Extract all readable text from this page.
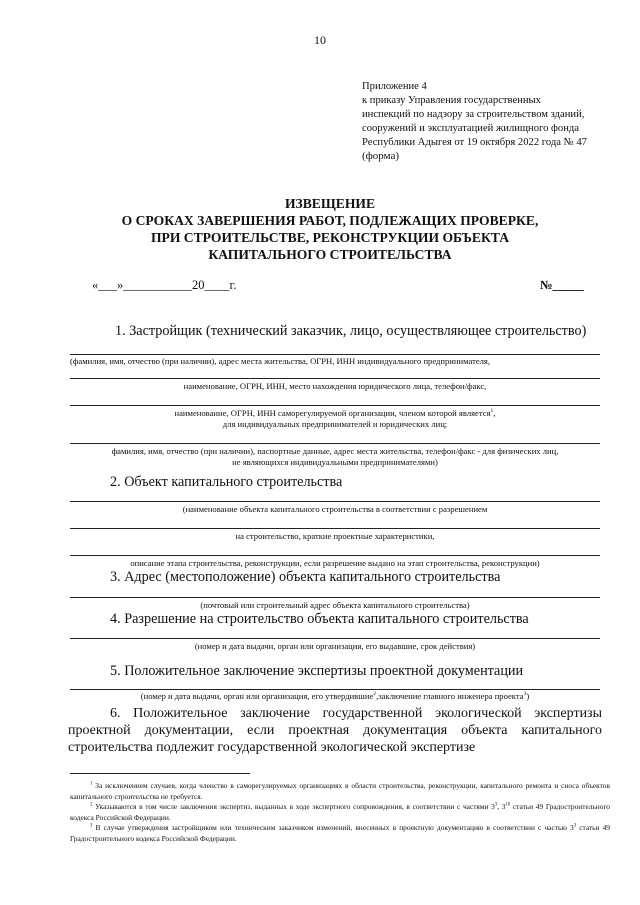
10
Приложение 4
к приказу Управления государственных
инспекций по надзору за строительством зданий,
сооружений и эксплуатацией жилищного фонда
Республики Адыгея от 19 октября 2022 года № 47
(форма)
ИЗВЕЩЕНИЕ
О СРОКАХ ЗАВЕРШЕНИЯ РАБОТ, ПОДЛЕЖАЩИХ ПРОВЕРКЕ,
ПРИ СТРОИТЕЛЬСТВЕ, РЕКОНСТРУКЦИИ ОБЪЕКТА
КАПИТАЛЬНОГО СТРОИТЕЛЬСТВА
«___»___________20____г.	№_____
1. Застройщик (технический заказчик, лицо, осуществляющее строительство)
(фамилия, имя, отчество (при наличии), адрес места жительства, ОГРН, ИНН индивидуального предпринимателя,
наименование, ОГРН, ИНН, место нахождения юридического лица, телефон/факс,
наименование, ОГРН, ИНН саморегулируемой организации, членом которой является$^1$,
для индивидуальных предпринимателей и юридических лиц;
фамилия, имя, отчество (при наличии), паспортные данные, адрес места жительства, телефон/факс - для физических лиц,
не являющихся индивидуальными предпринимателями)
2. Объект капитального строительства
(наименование объекта капитального строительства в соответствии с разрешением
на строительство, краткие проектные характеристики,
описание этапа строительства, реконструкции, если разрешение выдано на этап строительства, реконструкции)
3. Адрес (местоположение) объекта капитального строительства
(почтовый или строительный адрес объекта капитального строительства)
4. Разрешение на строительство объекта капитального строительства
(номер и дата выдачи, орган или организация, его выдавшие, срок действия)
5. Положительное заключение экспертизы проектной документации
(номер и дата выдачи, орган или организация, его утвердившие$^2$,заключение главного инженера проекта$^3$)
6. Положительное заключение государственной экологической экспертизы проектной документации, если проектная документация объекта капитального строительства подлежит государственной экологической экспертизе
$^1$ За исключением случаев, когда членство в саморегулируемых организациях в области строительства, реконструкции, капитального ремонта и сноса объектов капитального строительства не требуется.
$^2$ Указываются в том числе заключения экспертиз, выданных в ходе экспертного сопровождения, в соответствии с частями $3^3$, $3^{10}$ статьи 49 Градостроительного кодекса Российской Федерации.
$^3$ В случае утверждения застройщиком или техническим заказчиком изменений, внесенных в проектную документацию в соответствии с частью $3^3$ статьи 49 Градостроительного кодекса Российской Федерации.
